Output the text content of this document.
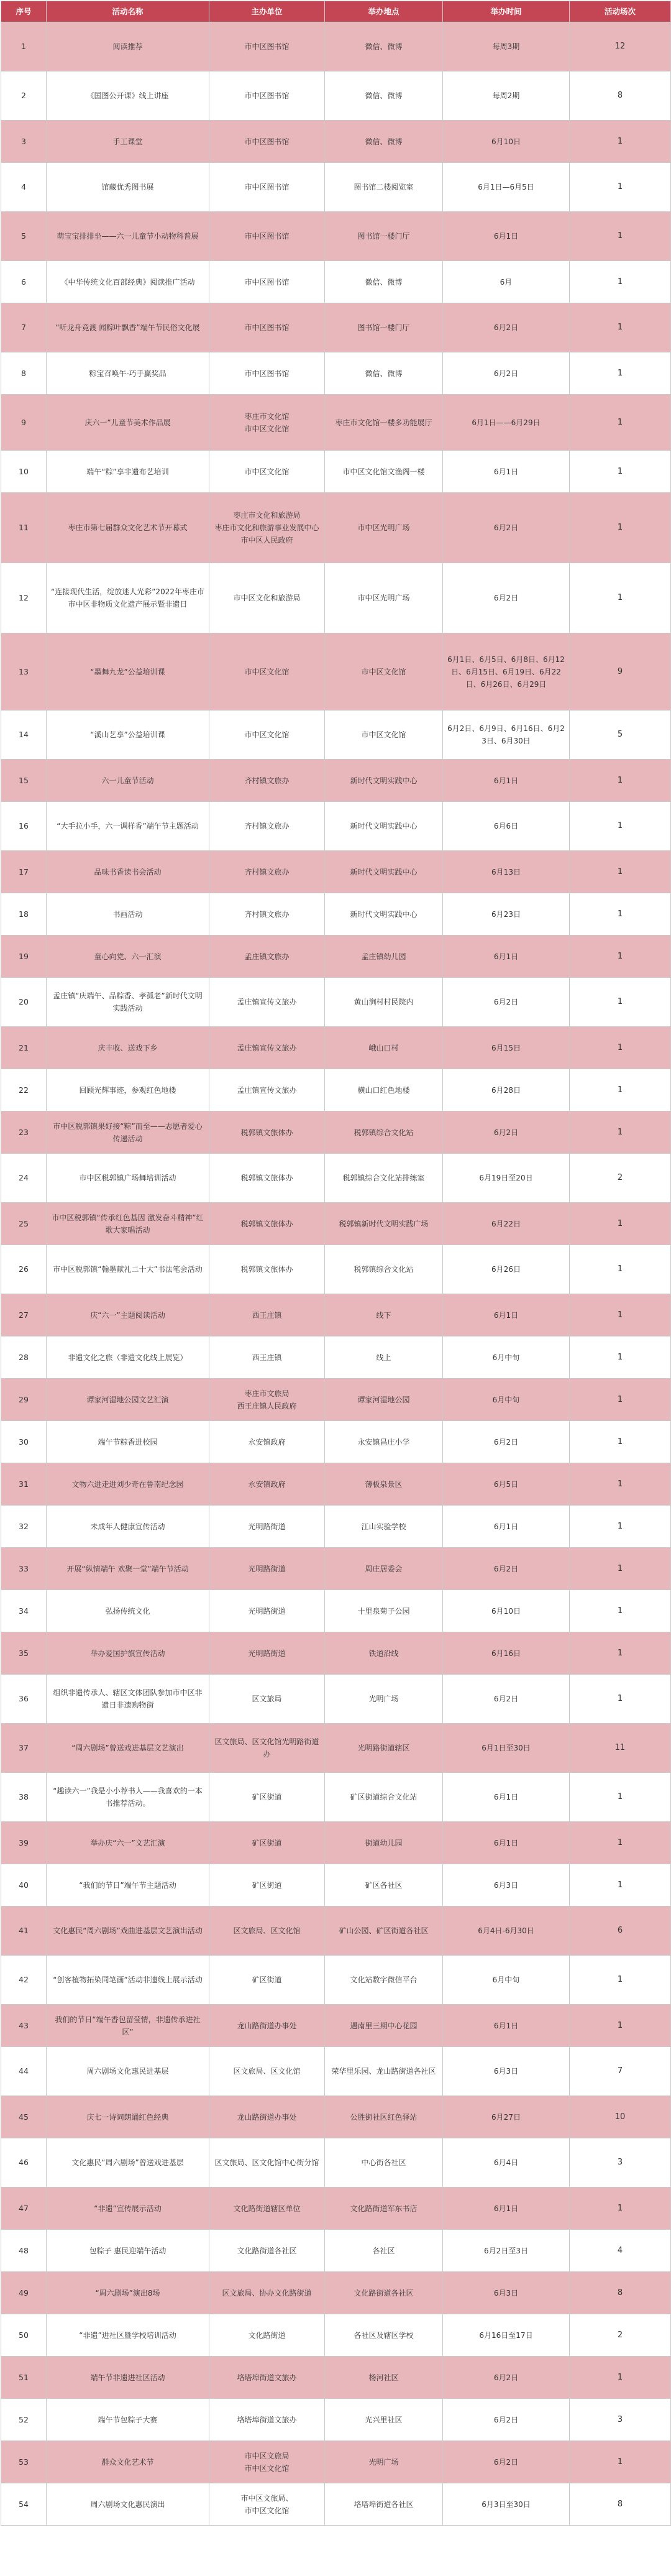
序号	活动名称	主办单位	举办地点	举办时间	活动场次
1	阅读推荐	市中区图书馆	微信、微博	每周3期	12
2	《国图公开课》线上讲座	市中区图书馆	微信、微博	每周2期	8
3	手工课堂	市中区图书馆	微信、微博	6月10日	1
4	馆藏优秀图书展	市中区图书馆	图书馆二楼阅览室	6月1日—6月5日	1
5	萌宝宝排排坐——六一儿童节小动物科普展	市中区图书馆	图书馆一楼门厅	6月1日	1
6	《中华传统文化百部经典》阅读推广活动	市中区图书馆	微信、微博	6月	1
7	“听龙舟竞渡 闻粽叶飘香”端午节民俗文化展	市中区图书馆	图书馆一楼门厅	6月2日	1
8	粽宝召唤午-巧手赢奖品	市中区图书馆	微信、微博	6月2日	1
9	庆六一”儿童节美术作品展	枣庄市文化馆
市中区文化馆	枣庄市文化馆一楼多功能展厅	6月1日——6月29日	1
10	端午“粽”享非遗布艺培训	市中区文化馆	市中区文化馆文渔阁一楼	6月1日	1
11	枣庄市第七届群众文化艺术节开幕式	枣庄市文化和旅游局
枣庄市文化和旅游事业发展中心
市中区人民政府	市中区光明广场	6月2日	1
12	“连接现代生活，绽放迷人光彩”2022年枣庄市市中区非物质文化遗产展示暨非遗日	市中区文化和旅游局	市中区光明广场	6月2日	1
13	“墨舞九龙”公益培训课	市中区文化馆	市中区文化馆	6月1日、6月5日、6月8日、6月12日、6月15日、6月19日、6月22日、6月26日、6月29日	9
14	“溪山艺享”公益培训课	市中区文化馆	市中区文化馆	6月2日、6月9日、6月16日、6月23日、6月30日	5
15	六一儿童节活动	齐村镇文旅办	新时代文明实践中心	6月1日	1
16	“大手拉小手，六一调样香”端午节主题活动	齐村镇文旅办	新时代文明实践中心	6月6日	1
17	品味书香读书会活动	齐村镇文旅办	新时代文明实践中心	6月13日	1
18	书画活动	齐村镇文旅办	新时代文明实践中心	6月23日	1
19	童心向党、六一汇演	孟庄镇文旅办	孟庄镇幼儿园	6月1日	1
20	孟庄镇“庆端午、品粽香、孝孤老”新时代文明实践活动	孟庄镇宣传文旅办	黄山涧村村民院内	6月2日	1
21	庆丰收、送戏下乡	孟庄镇宣传文旅办	峨山口村	6月15日	1
22	回顾光辉事迹，参观红色地楼	孟庄镇宣传文旅办	横山口红色地楼	6月28日	1
23	市中区税郭镇果好接“粽”而至——志愿者爱心传递活动	税郭镇文旅体办	税郭镇综合文化站	6月2日	1
24	市中区税郭镇广场舞培训活动	税郭镇文旅体办	税郭镇综合文化站排练室	6月19日至20日	2
25	市中区税郭镇“传承红色基因 激发奋斗精神”红歌大家唱活动	税郭镇文旅体办	税郭镇新时代文明实践广场	6月22日	1
26	市中区税郭镇“翰墨献礼二十大”书法笔会活动	税郭镇文旅体办	税郭镇综合文化站	6月26日	1
27	庆“六一”主题阅读活动	西王庄镇	线下	6月1日	1
28	非遗文化之旅（非遗文化线上展览）	西王庄镇	线上	6月中旬	1
29	谭家河湿地公园文艺汇演	枣庄市文旅局
西王庄镇人民政府	谭家河湿地公园	6月中旬	1
30	端午节粽香进校园	永安镇政府	永安镇昌庄小学	6月2日	1
31	文物六进走进刘少奇在鲁南纪念园	永安镇政府	薄板泉景区	6月5日	1
32	未成年人健康宣传活动	光明路街道	江山实验学校	6月1日	1
33	开展“纵情端午 欢聚一堂”端午节活动	光明路街道	周庄居委会	6月2日	1
34	弘扬传统文化	光明路街道	十里泉菊子公园	6月10日	1
35	举办爱国护旗宣传活动	光明路街道	铁道沿线	6月16日	1
36	组织非遗传承人、辖区文体团队参加市中区非遗日非遗购物街	区文旅局	光明广场	6月2日	1
37	“周六剧场”曾送戏进基层文艺演出	区文旅局、区文化馆光明路街道办	光明路街道辖区	6月1日至30日	11
38	“趣读六一”我是小小荐书人——我喜欢的一本书推荐活动。	矿区街道	矿区街道综合文化站	6月1日	1
39	举办庆“六一”文艺汇演	矿区街道	街道幼儿园	6月1日	1
40	“我们的节日”端午节主题活动	矿区街道	矿区各社区	6月3日	1
41	文化惠民“周六剧场”戏曲进基层文艺演出活动	区文旅局、区文化馆	矿山公园、矿区街道各社区	6月4日-6月30日	6
42	“创客植物拓染同笔画”活动非遗线上展示活动	矿区街道	文化站数字微信平台	6月中旬	1
43	我们的节日“端午香包留莹情，非遗传承进社区”	龙山路街道办事处	遇南里三期中心花园	6月1日	1
44	周六剧场文化惠民进基层	区文旅局、区文化馆	荣华里乐园、龙山路街道各社区	6月3日	7
45	庆七一诗词朗诵红色经典	龙山路街道办事处	公胜街社区红色驿站	6月27日	10
46	文化惠民“周六剧场”曾送戏进基层	区文旅局、区文化馆中心街分馆	中心街各社区	6月4日	3
47	“非遗”宣传展示活动	文化路街道辖区单位	文化路街道军东书店	6月1日	1
48	包粽子 惠民迎端午活动	文化路街道各社区	各社区	6月2日至3日	4
49	“周六剧场”演出8场	区文旅局、协办文化路街道	文化路街道各社区	6月3日	8
50	“非遗”进社区暨学校培训活动	文化路街道	各社区及辖区学校	6月16日至17日	2
51	端午节非遗进社区活动	垎塔埠街道文旅办	杨河社区	6月2日	1
52	端午节包粽子大赛	垎塔埠街道文旅办	光兴里社区	6月2日	3
53	群众文化艺术节	市中区文旅局
市中区文化馆	光明广场	6月2日	1
54	周六剧场文化惠民演出	市中区文旅局、
市中区文化馆	垎塔埠街道各社区	6月3日至30日	8
